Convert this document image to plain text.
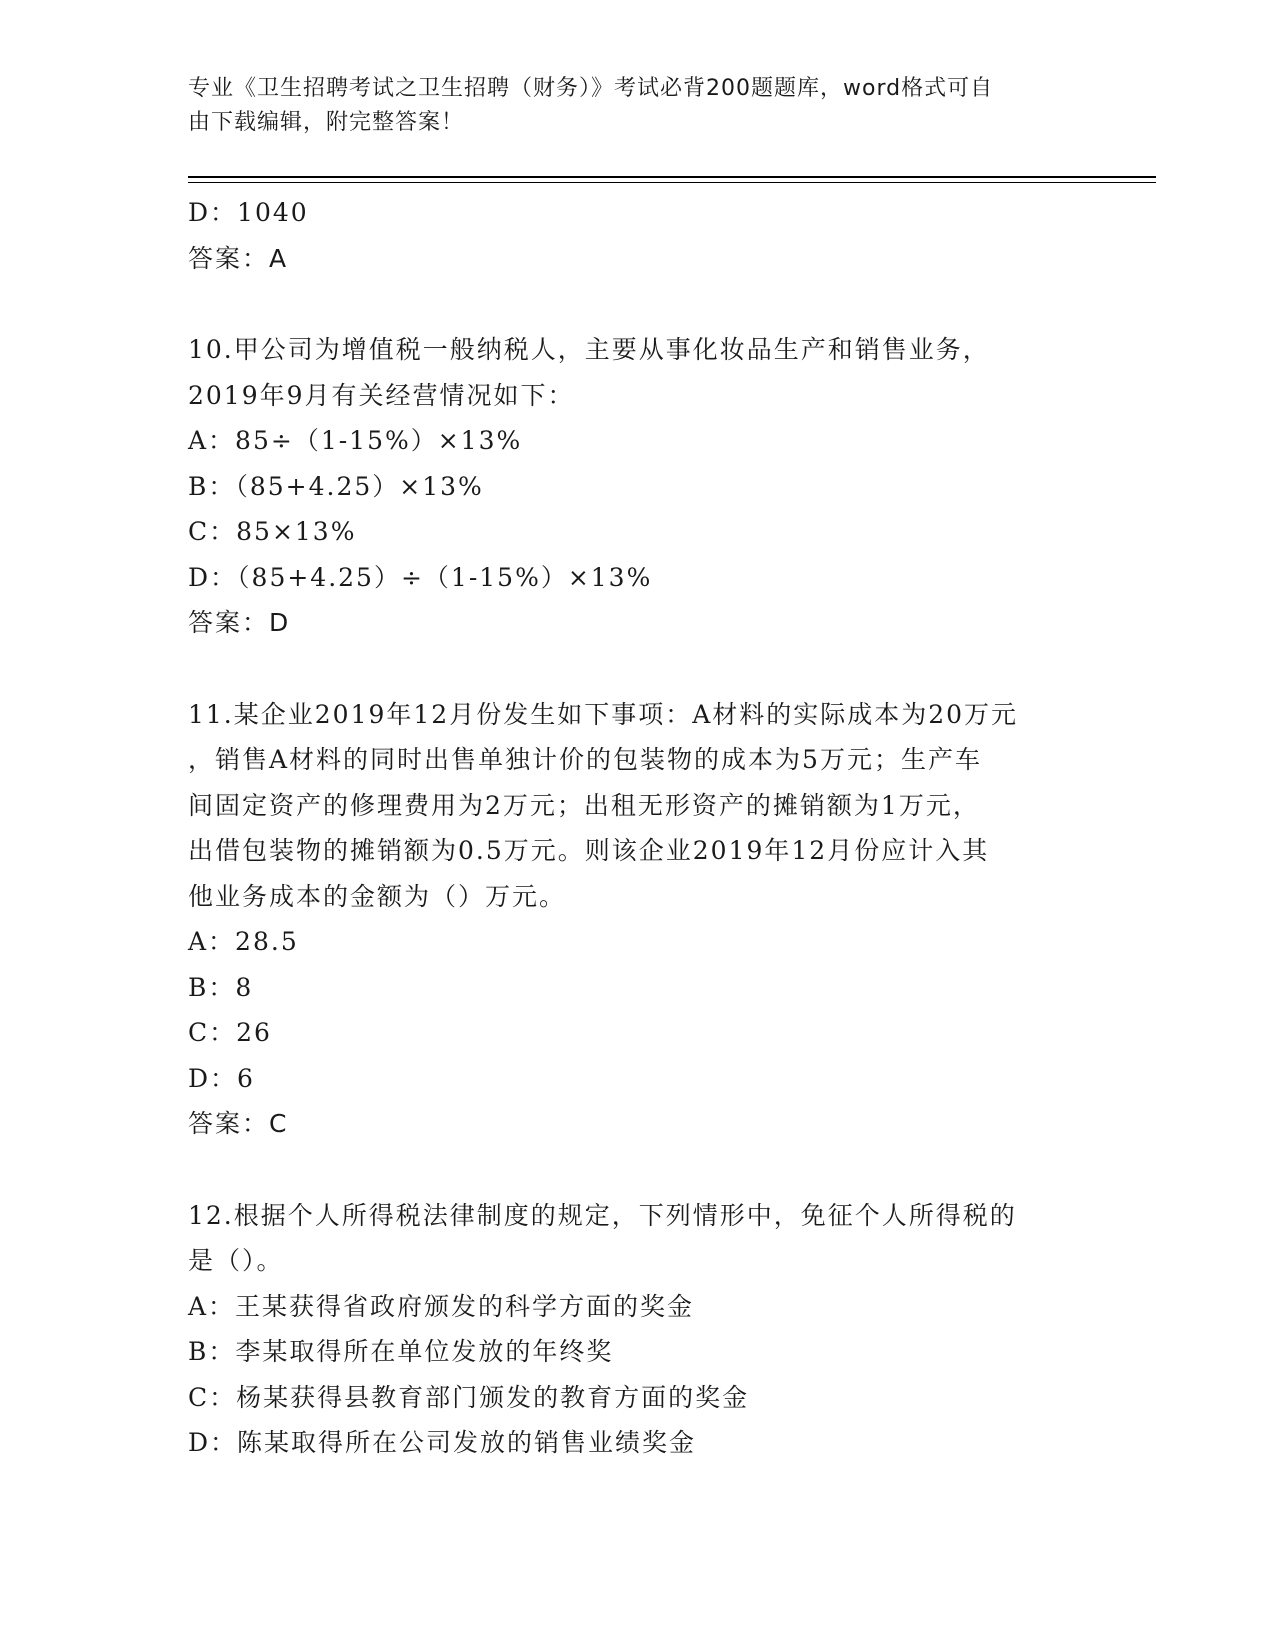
专业《卫生招聘考试之卫生招聘（财务）》考试必背200题题库，word格式可自
由下载编辑，附完整答案！
D：1040
答案：A
10.甲公司为增值税一般纳税人，主要从事化妆品生产和销售业务，
2019年9月有关经营情况如下：
A：85÷（1-15%）×13%
B：（85+4.25）×13%
C：85×13%
D：（85+4.25）÷（1-15%）×13%
答案：D
11.某企业2019年12月份发生如下事项：A材料的实际成本为20万元
，销售A材料的同时出售单独计价的包装物的成本为5万元；生产车
间固定资产的修理费用为2万元；出租无形资产的摊销额为1万元，
出借包装物的摊销额为0.5万元。则该企业2019年12月份应计入其
他业务成本的金额为（）万元。
A：28.5
B：8
C：26
D：6
答案：C
12.根据个人所得税法律制度的规定，下列情形中，免征个人所得税的
是（）。
A：王某获得省政府颁发的科学方面的奖金
B：李某取得所在单位发放的年终奖
C：杨某获得县教育部门颁发的教育方面的奖金
D：陈某取得所在公司发放的销售业绩奖金
